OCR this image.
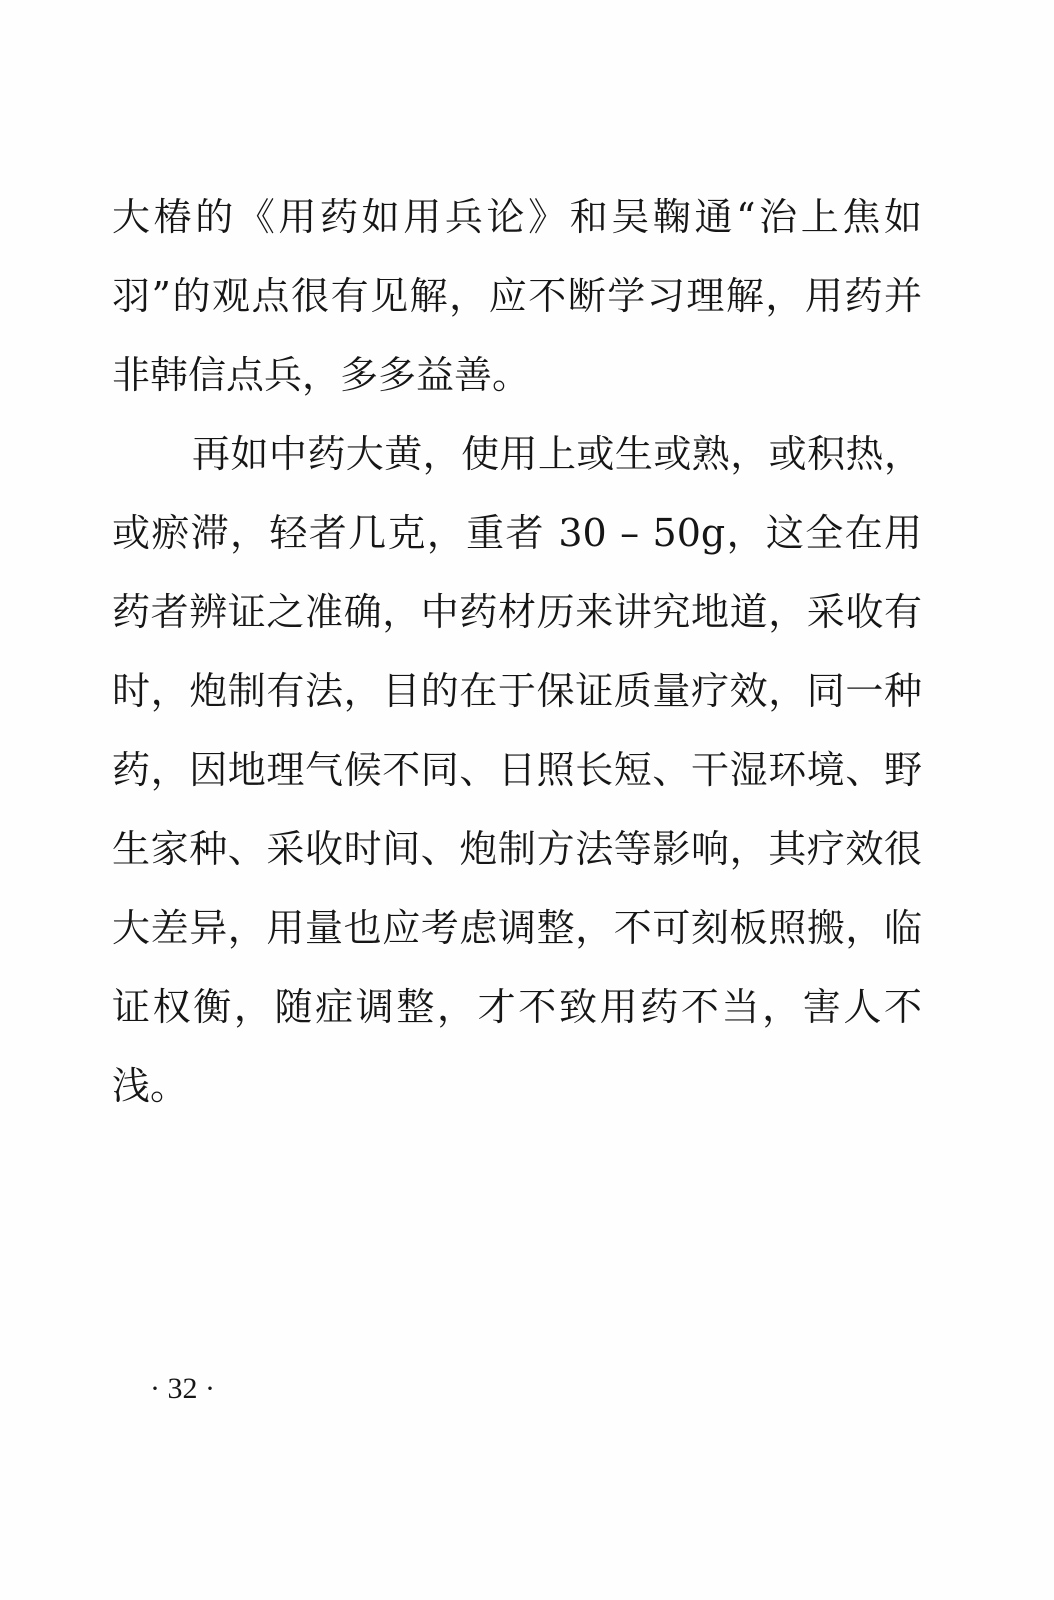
大椿的《用药如用兵论》和吴鞠通“治上焦如羽”的观点很有见解，应不断学习理解，用药并非韩信点兵，多多益善。

再如中药大黄，使用上或生或熟，或积热，或瘀滞，轻者几克，重者 30 – 50g，这全在用药者辨证之准确，中药材历来讲究地道，采收有时，炮制有法，目的在于保证质量疗效，同一种药，因地理气候不同、日照长短、干湿环境、野生家种、采收时间、炮制方法等影响，其疗效很大差异，用量也应考虑调整，不可刻板照搬，临证权衡，随症调整，才不致用药不当，害人不浅。

· 32 ·
